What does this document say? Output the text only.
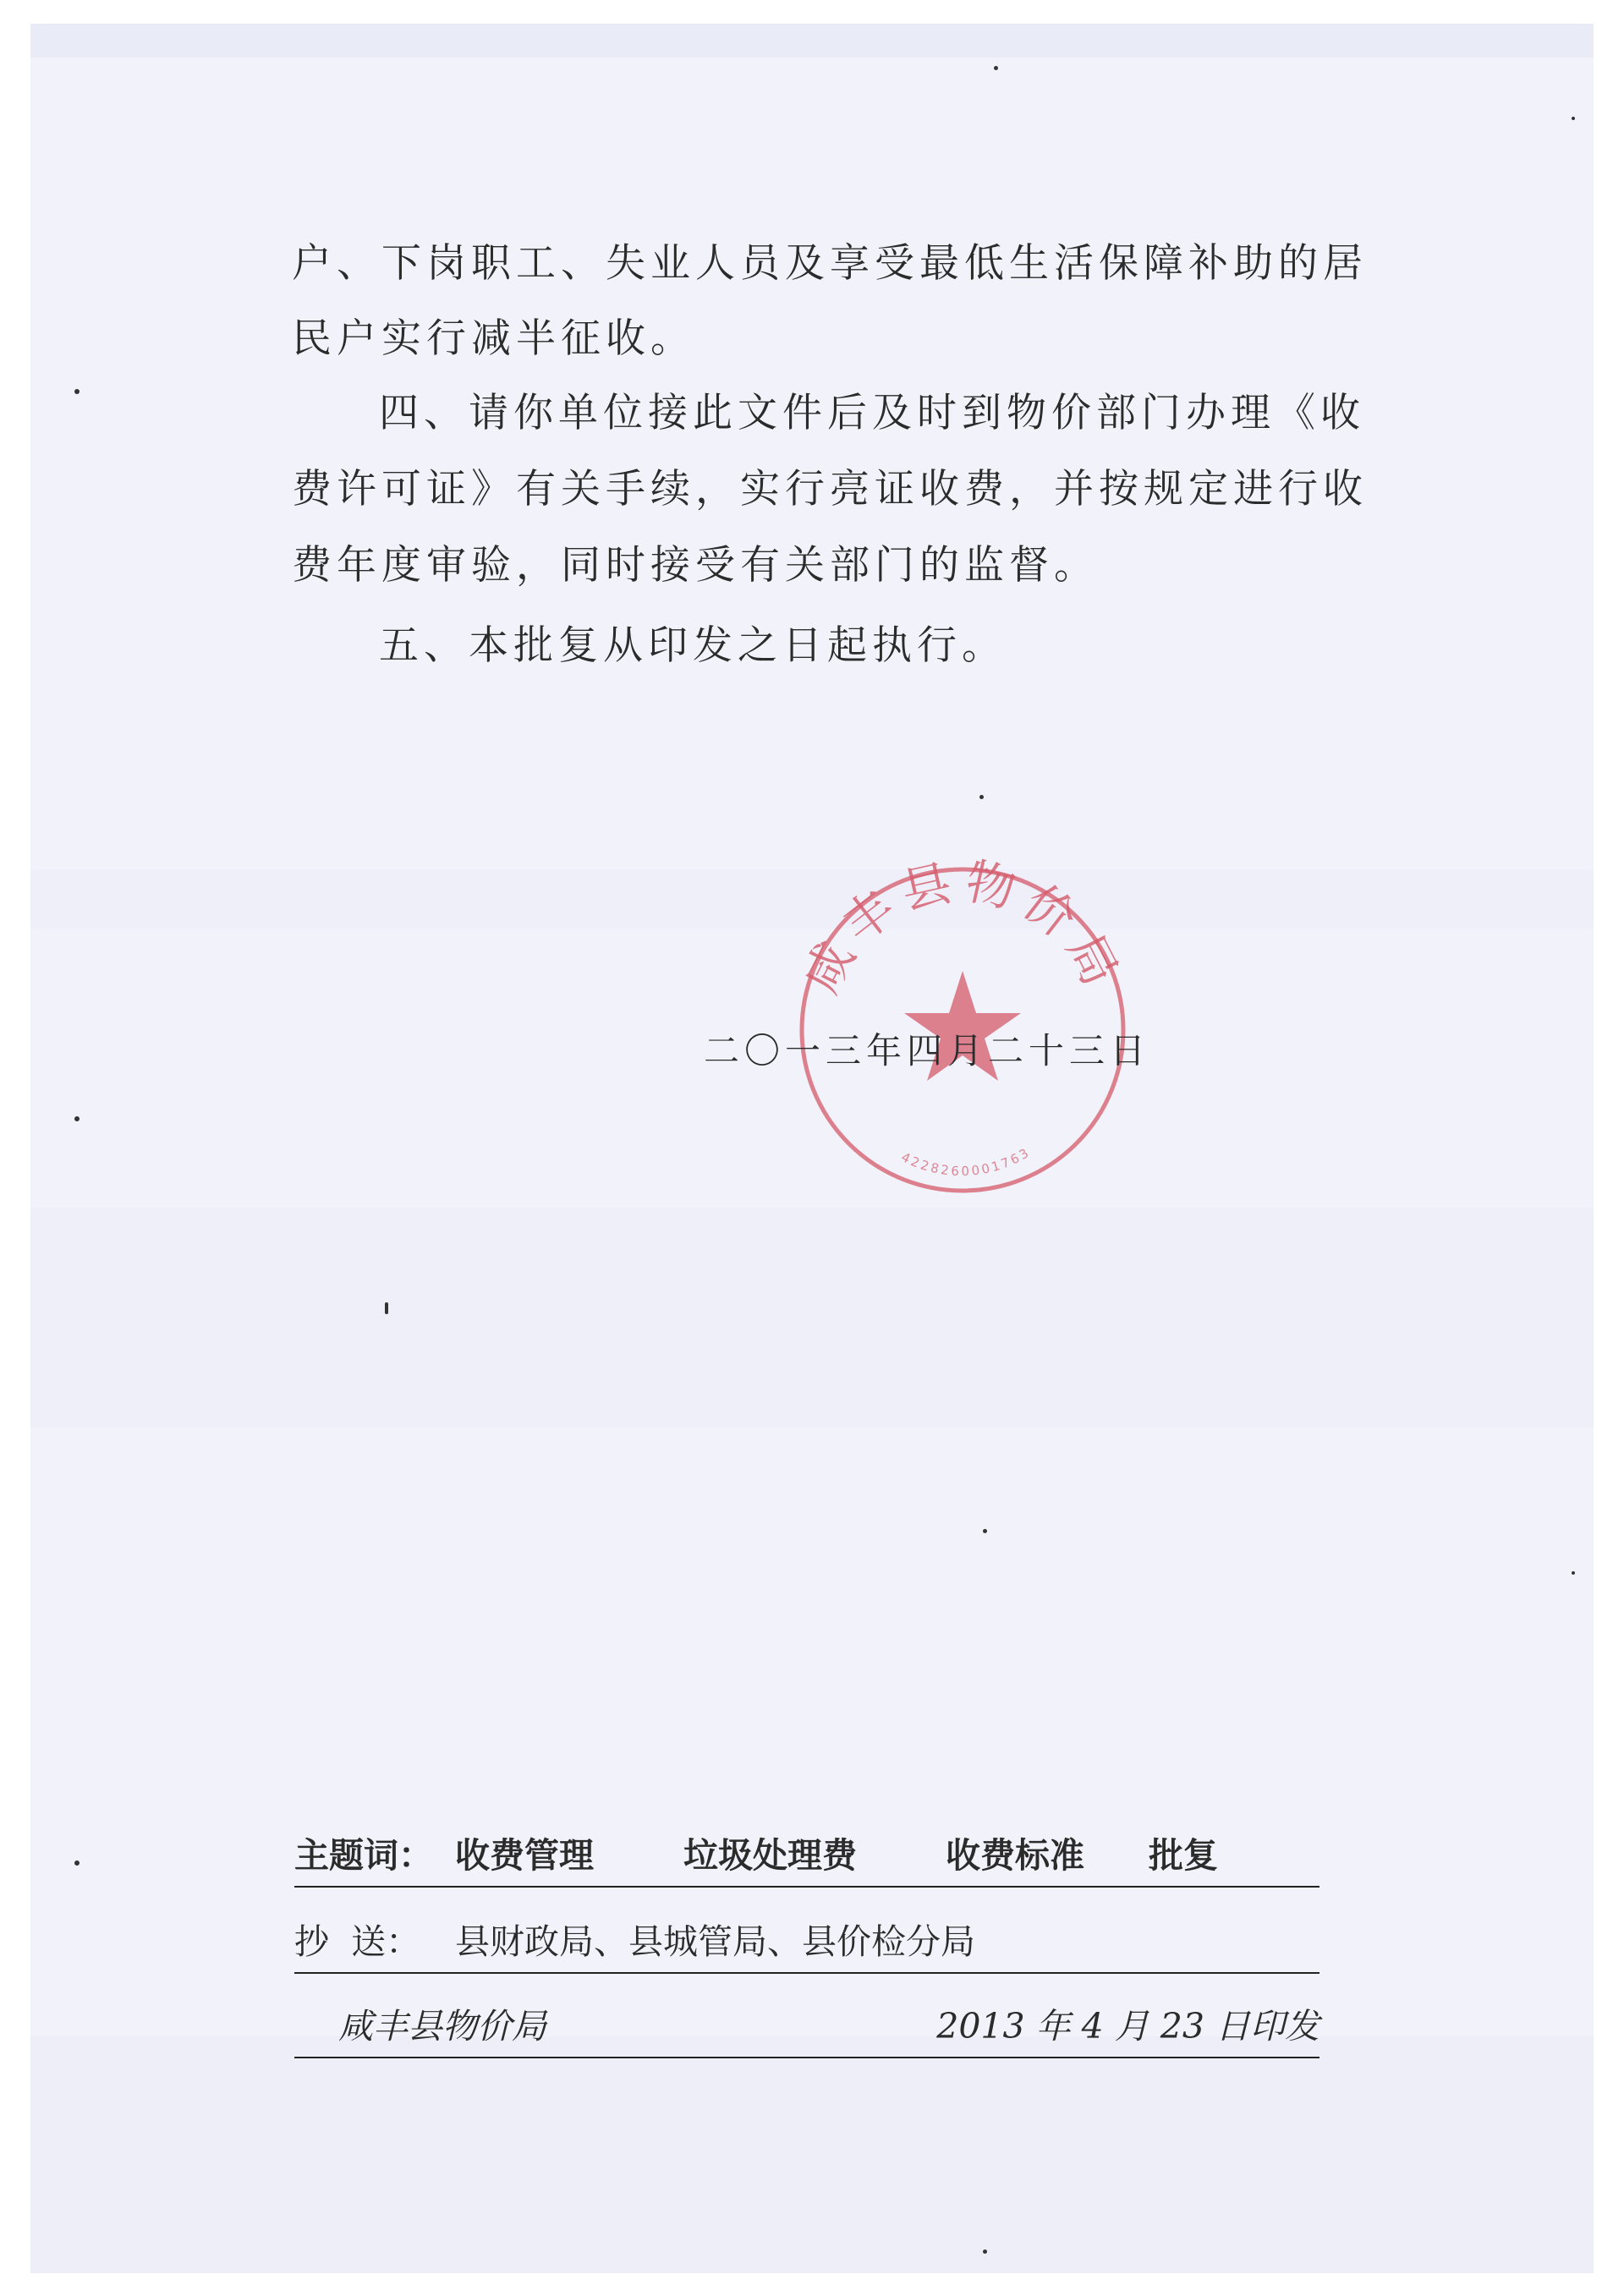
户、下岗职工、失业人员及享受最低生活保障补助的居
民户实行减半征收。
四、请你单位接此文件后及时到物价部门办理《收
费许可证》有关手续，实行亮证收费，并按规定进行收
费年度审验，同时接受有关部门的监督。
五、本批复从印发之日起执行。
咸丰县物价局
4228260001763
二〇一三年四月二十三日
主题词： 收费管理	垃圾处理费	收费标准 批复
抄  送： 县财政局、县城管局、县价检分局
咸丰县物价局	2013 年 4 月 23 日印发
